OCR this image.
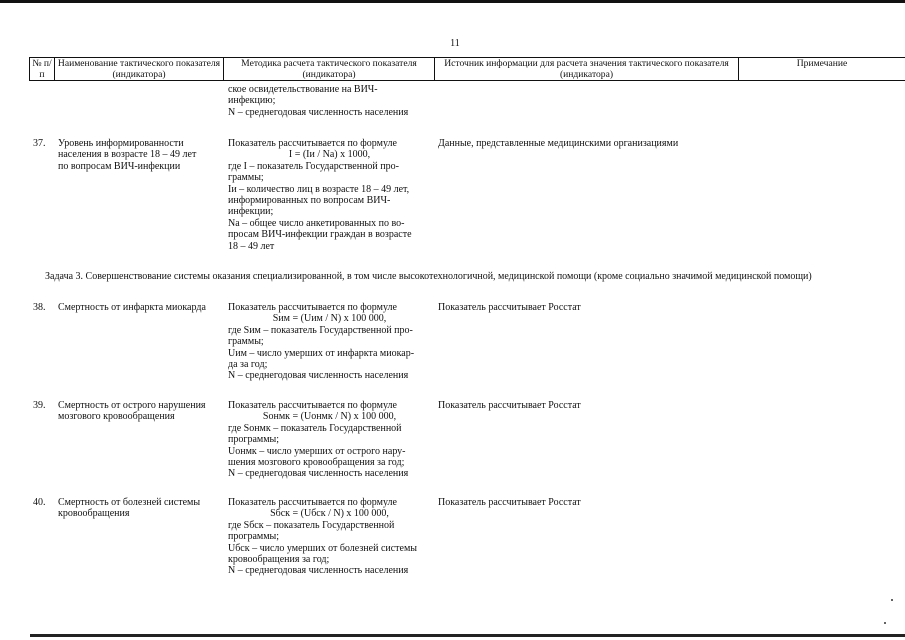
11
№ п/п
Наименование тактического показателя (индикатора)
Методика расчета тактического показателя (индикатора)
Источник информации для расчета значения тактического показателя (индикатора)
Примечание
ское освидетельствование на ВИЧ-
инфекцию;
N – среднегодовая численность населения
37. Уровень информированности
населения в возрасте 18 – 49 лет
по вопросам ВИЧ-инфекции
Показатель рассчитывается по формуле
I = (Iи / Nа) x 1000,
где I – показатель Государственной про-
граммы;
Iи – количество лиц в возрасте 18 – 49 лет,
информированных по вопросам ВИЧ-
инфекции;
Nа – общее число анкетированных по во-
просам ВИЧ-инфекции граждан в возрасте
18 – 49 лет
Данные, представленные медицинскими организациями
Задача 3. Совершенствование системы оказания специализированной, в том числе высокотехнологичной, медицинской помощи (кроме социально значимой медицинской помощи)
38. Смертность от инфаркта миокарда	Показатель рассчитывается по формуле
Sим = (Uим / N) x 100 000,
где Sим – показатель Государственной про-
граммы;
Uим – число умерших от инфаркта миокар-
да за год;
N – среднегодовая численность населения
Показатель рассчитывает Росстат
39. Смертность от острого нарушения
мозгового кровообращения
Показатель рассчитывается по формуле
Sонмк = (Uонмк / N) x 100 000,
где Sонмк – показатель Государственной
программы;
Uонмк – число умерших от острого нару-
шения мозгового кровообращения за год;
N – среднегодовая численность населения
Показатель рассчитывает Росстат
40. Смертность от болезней системы
кровообращения
Показатель рассчитывается по формуле
Sбск = (Uбск / N) x 100 000,
где Sбск – показатель Государственной
программы;
Uбск – число умерших от болезней системы
кровообращения за год;
N – среднегодовая численность населения
Показатель рассчитывает Росстат
